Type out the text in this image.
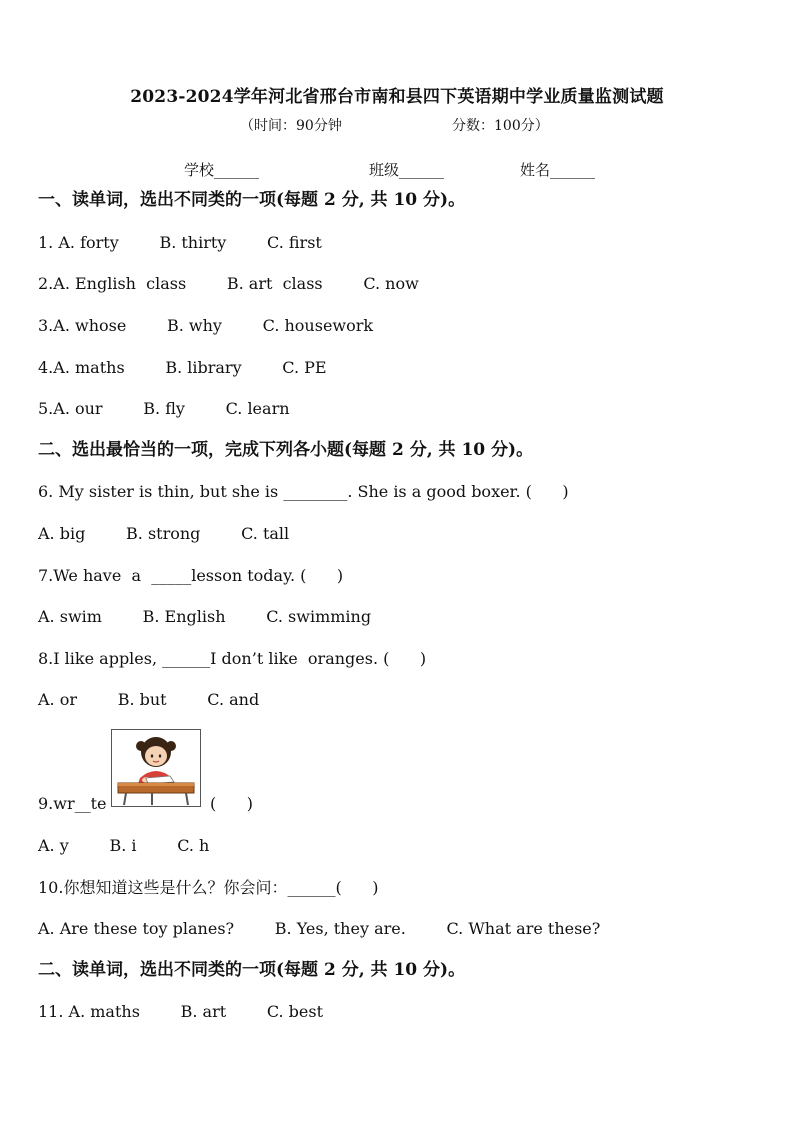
2023-2024学年河北省邢台市南和县四下英语期中学业质量监测试题
（时间：90分钟	分数：100分）
学校______	班级______	姓名______
一、读单词，选出不同类的一项(每题 2 分, 共 10 分)。
1. A. forty        B. thirty        C. first
2.A. English  class        B. art  class        C. now
3.A. whose        B. why        C. housework
4.A. maths        B. library        C. PE
5.A. our        B. fly        C. learn
二、选出最恰当的一项，完成下列各小题(每题 2 分, 共 10 分)。
6. My sister is thin, but she is ________. She is a good boxer. (      )
A. big        B. strong        C. tall
7.We have  a  _____lesson today. (      )
A. swim        B. English        C. swimming
8.I like apples, ______I don’t like  oranges. (      )
A. or        B. but        C. and
9.wr__te	(      )
A. y        B. i        C. h
10.你想知道这些是什么？你会问：______(      )
A. Are these toy planes?        B. Yes, they are.        C. What are these?
二、读单词，选出不同类的一项(每题 2 分, 共 10 分)。
11. A. maths        B. art        C. best
